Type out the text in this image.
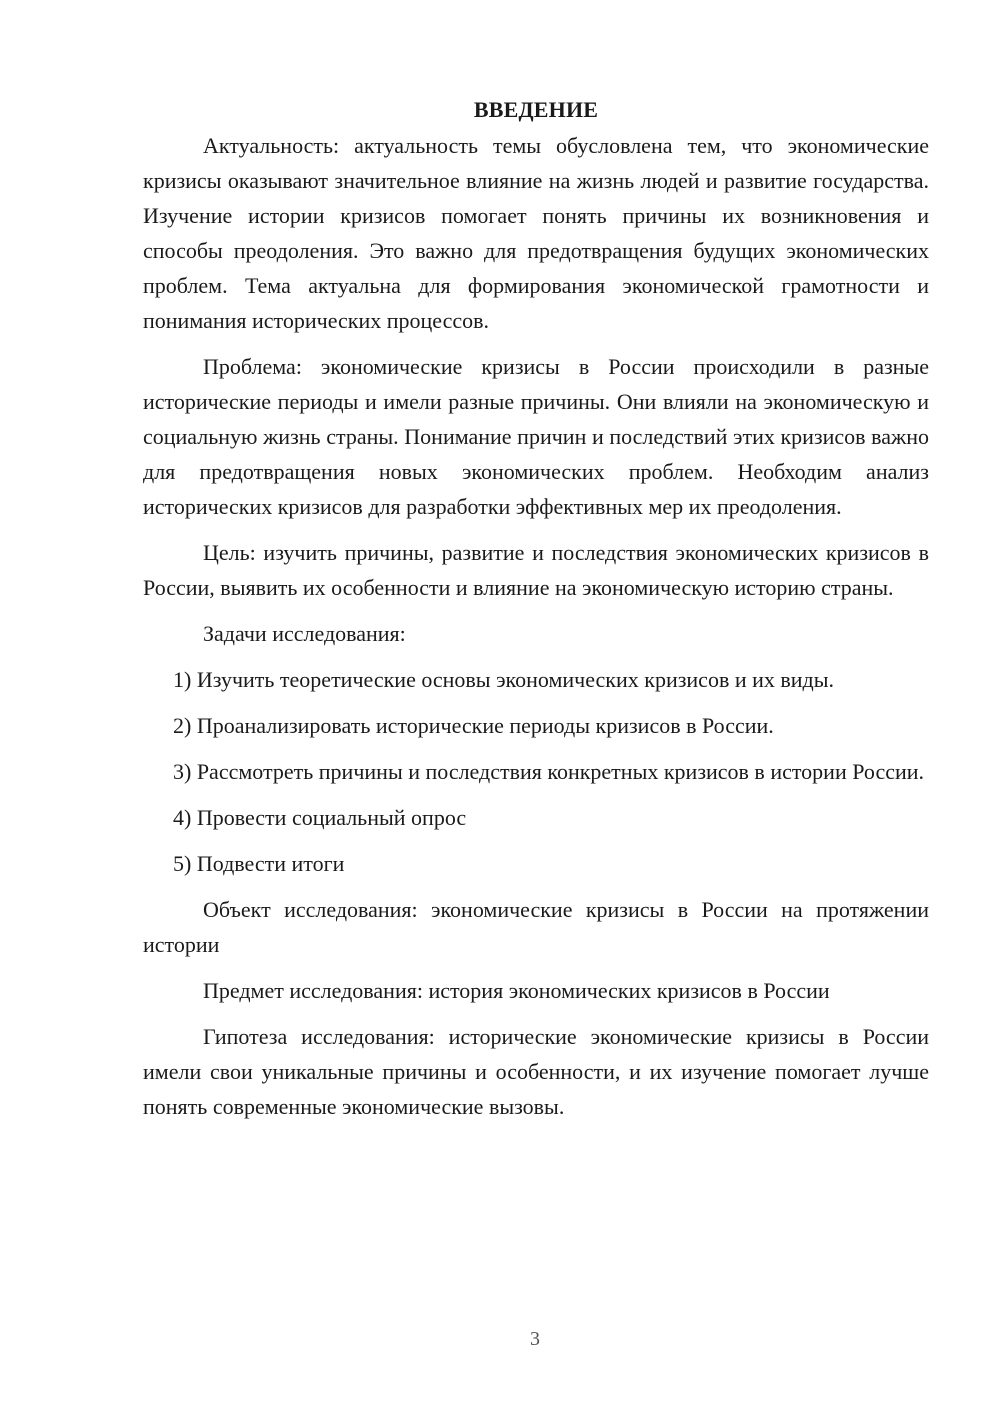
ВВЕДЕНИЕ

Актуальность: актуальность темы обусловлена тем, что экономические кризисы оказывают значительное влияние на жизнь людей и развитие государства. Изучение истории кризисов помогает понять причины их возникновения и способы преодоления. Это важно для предотвращения будущих экономических проблем. Тема актуальна для формирования экономической грамотности и понимания исторических процессов.

Проблема: экономические кризисы в России происходили в разные исторические периоды и имели разные причины. Они влияли на экономическую и социальную жизнь страны. Понимание причин и последствий этих кризисов важно для предотвращения новых экономических проблем. Необходим анализ исторических кризисов для разработки эффективных мер их преодоления.

Цель: изучить причины, развитие и последствия экономических кризисов в России, выявить их особенности и влияние на экономическую историю страны.

Задачи исследования:

1) Изучить теоретические основы экономических кризисов и их виды.

2) Проанализировать исторические периоды кризисов в России.

3) Рассмотреть причины и последствия конкретных кризисов в истории России.

4) Провести социальный опрос

5) Подвести итоги

Объект исследования: экономические кризисы в России на протяжении истории

Предмет исследования: история экономических кризисов в России

Гипотеза исследования: исторические экономические кризисы в России имели свои уникальные причины и особенности, и их изучение помогает лучше понять современные экономические вызовы.

3
